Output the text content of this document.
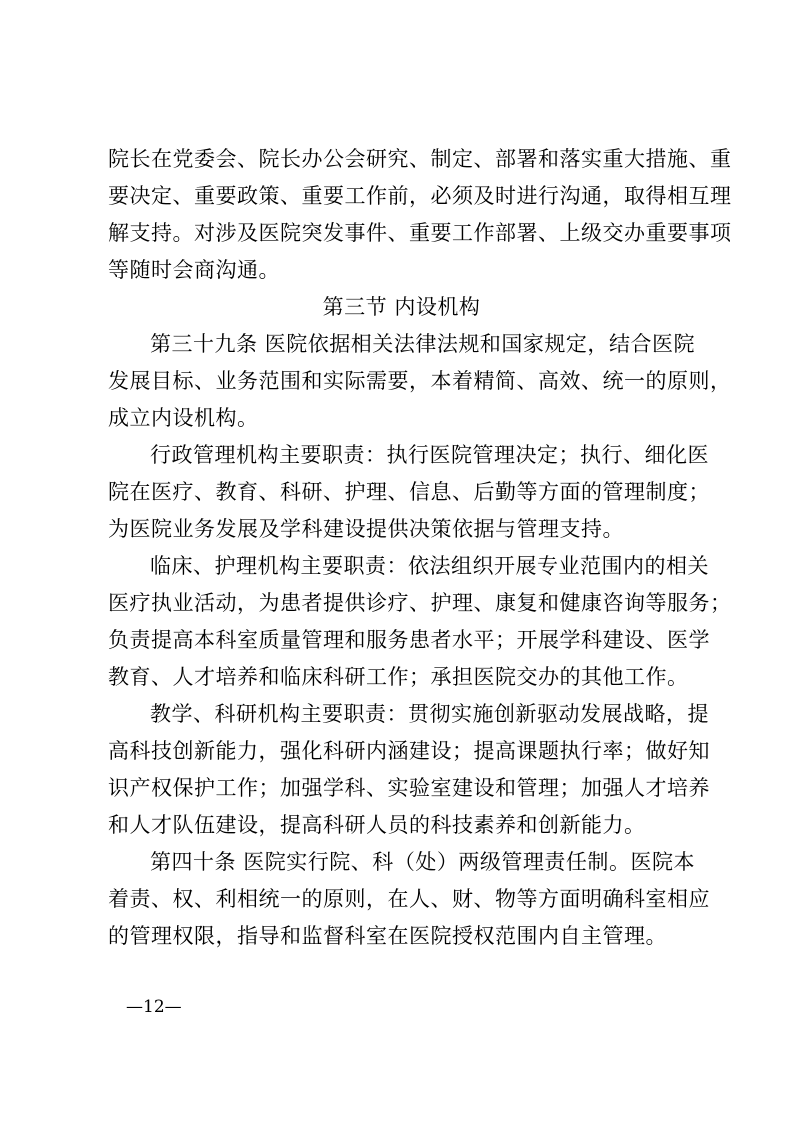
院长在党委会、院长办公会研究、制定、部署和落实重大措施、重
要决定、重要政策、重要工作前，必须及时进行沟通，取得相互理
解支持。对涉及医院突发事件、重要工作部署、上级交办重要事项
等随时会商沟通。
第三节 内设机构
第三十九条 医院依据相关法律法规和国家规定，结合医院
发展目标、业务范围和实际需要，本着精简、高效、统一的原则，
成立内设机构。
行政管理机构主要职责：执行医院管理决定；执行、细化医
院在医疗、教育、科研、护理、信息、后勤等方面的管理制度；
为医院业务发展及学科建设提供决策依据与管理支持。
临床、护理机构主要职责：依法组织开展专业范围内的相关
医疗执业活动，为患者提供诊疗、护理、康复和健康咨询等服务；
负责提高本科室质量管理和服务患者水平；开展学科建设、医学
教育、人才培养和临床科研工作；承担医院交办的其他工作。
教学、科研机构主要职责：贯彻实施创新驱动发展战略，提
高科技创新能力，强化科研内涵建设；提高课题执行率；做好知
识产权保护工作；加强学科、实验室建设和管理；加强人才培养
和人才队伍建设，提高科研人员的科技素养和创新能力。
第四十条 医院实行院、科（处）两级管理责任制。医院本
着责、权、利相统一的原则，在人、财、物等方面明确科室相应
的管理权限，指导和监督科室在医院授权范围内自主管理。
—12—
